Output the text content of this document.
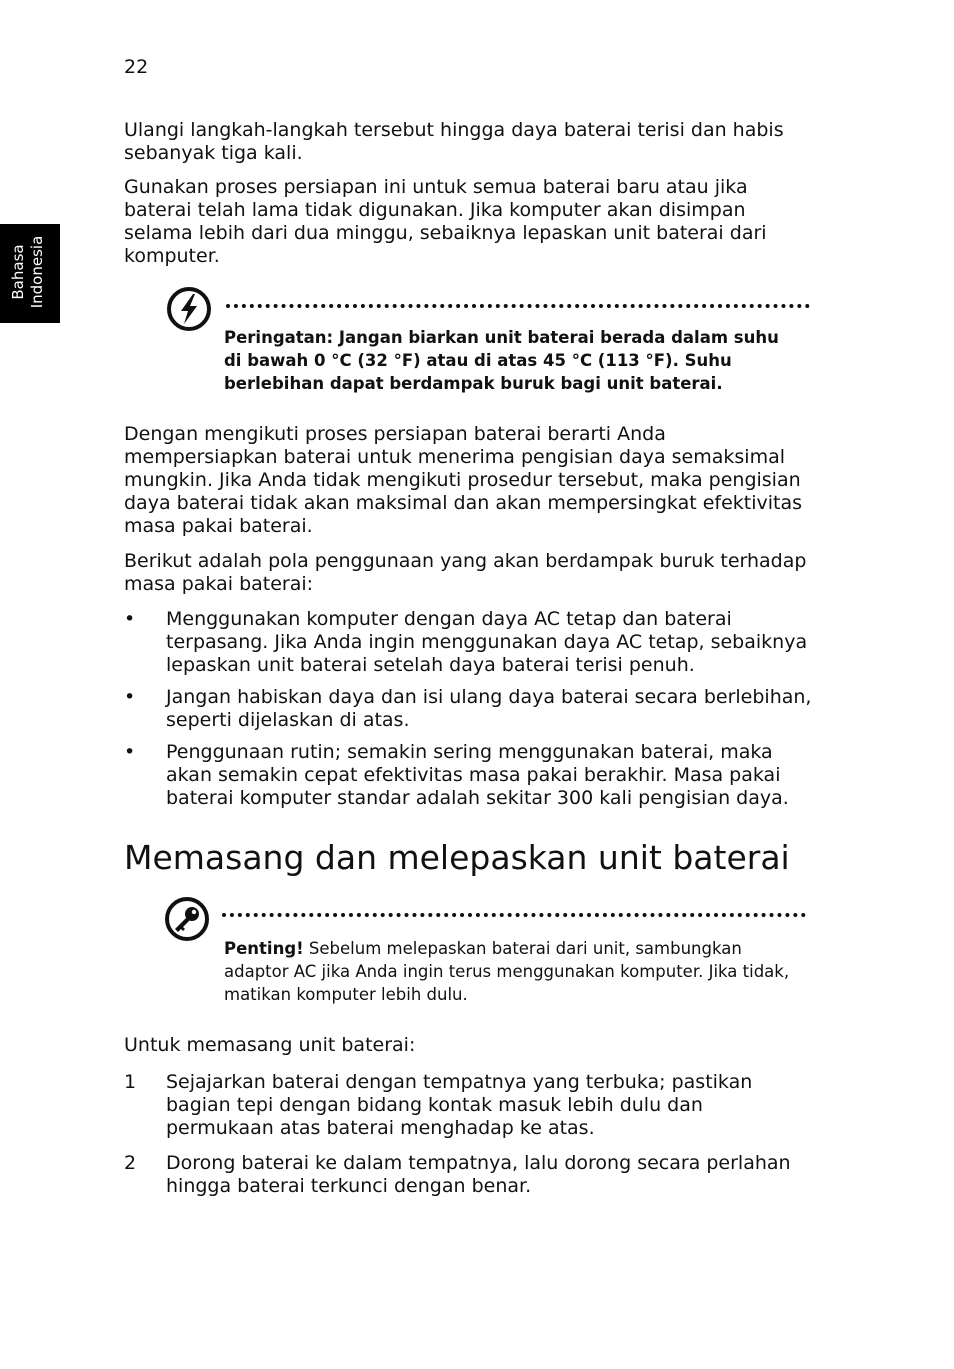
22
Bahasa Indonesia

Ulangi langkah-langkah tersebut hingga daya baterai terisi dan habis sebanyak tiga kali.

Gunakan proses persiapan ini untuk semua baterai baru atau jika baterai telah lama tidak digunakan. Jika komputer akan disimpan selama lebih dari dua minggu, sebaiknya lepaskan unit baterai dari komputer.

Peringatan: Jangan biarkan unit baterai berada dalam suhu di bawah 0 °C (32 °F) atau di atas 45 °C (113 °F). Suhu berlebihan dapat berdampak buruk bagi unit baterai.

Dengan mengikuti proses persiapan baterai berarti Anda mempersiapkan baterai untuk menerima pengisian daya semaksimal mungkin. Jika Anda tidak mengikuti prosedur tersebut, maka pengisian daya baterai tidak akan maksimal dan akan mempersingkat efektivitas masa pakai baterai.

Berikut adalah pola penggunaan yang akan berdampak buruk terhadap masa pakai baterai:

• Menggunakan komputer dengan daya AC tetap dan baterai terpasang. Jika Anda ingin menggunakan daya AC tetap, sebaiknya lepaskan unit baterai setelah daya baterai terisi penuh.

• Jangan habiskan daya dan isi ulang daya baterai secara berlebihan, seperti dijelaskan di atas.

• Penggunaan rutin; semakin sering menggunakan baterai, maka akan semakin cepat efektivitas masa pakai berakhir. Masa pakai baterai komputer standar adalah sekitar 300 kali pengisian daya.

Memasang dan melepaskan unit baterai

Penting! Sebelum melepaskan baterai dari unit, sambungkan adaptor AC jika Anda ingin terus menggunakan komputer. Jika tidak, matikan komputer lebih dulu.

Untuk memasang unit baterai:

1 Sejajarkan baterai dengan tempatnya yang terbuka; pastikan bagian tepi dengan bidang kontak masuk lebih dulu dan permukaan atas baterai menghadap ke atas.

2 Dorong baterai ke dalam tempatnya, lalu dorong secara perlahan hingga baterai terkunci dengan benar.
